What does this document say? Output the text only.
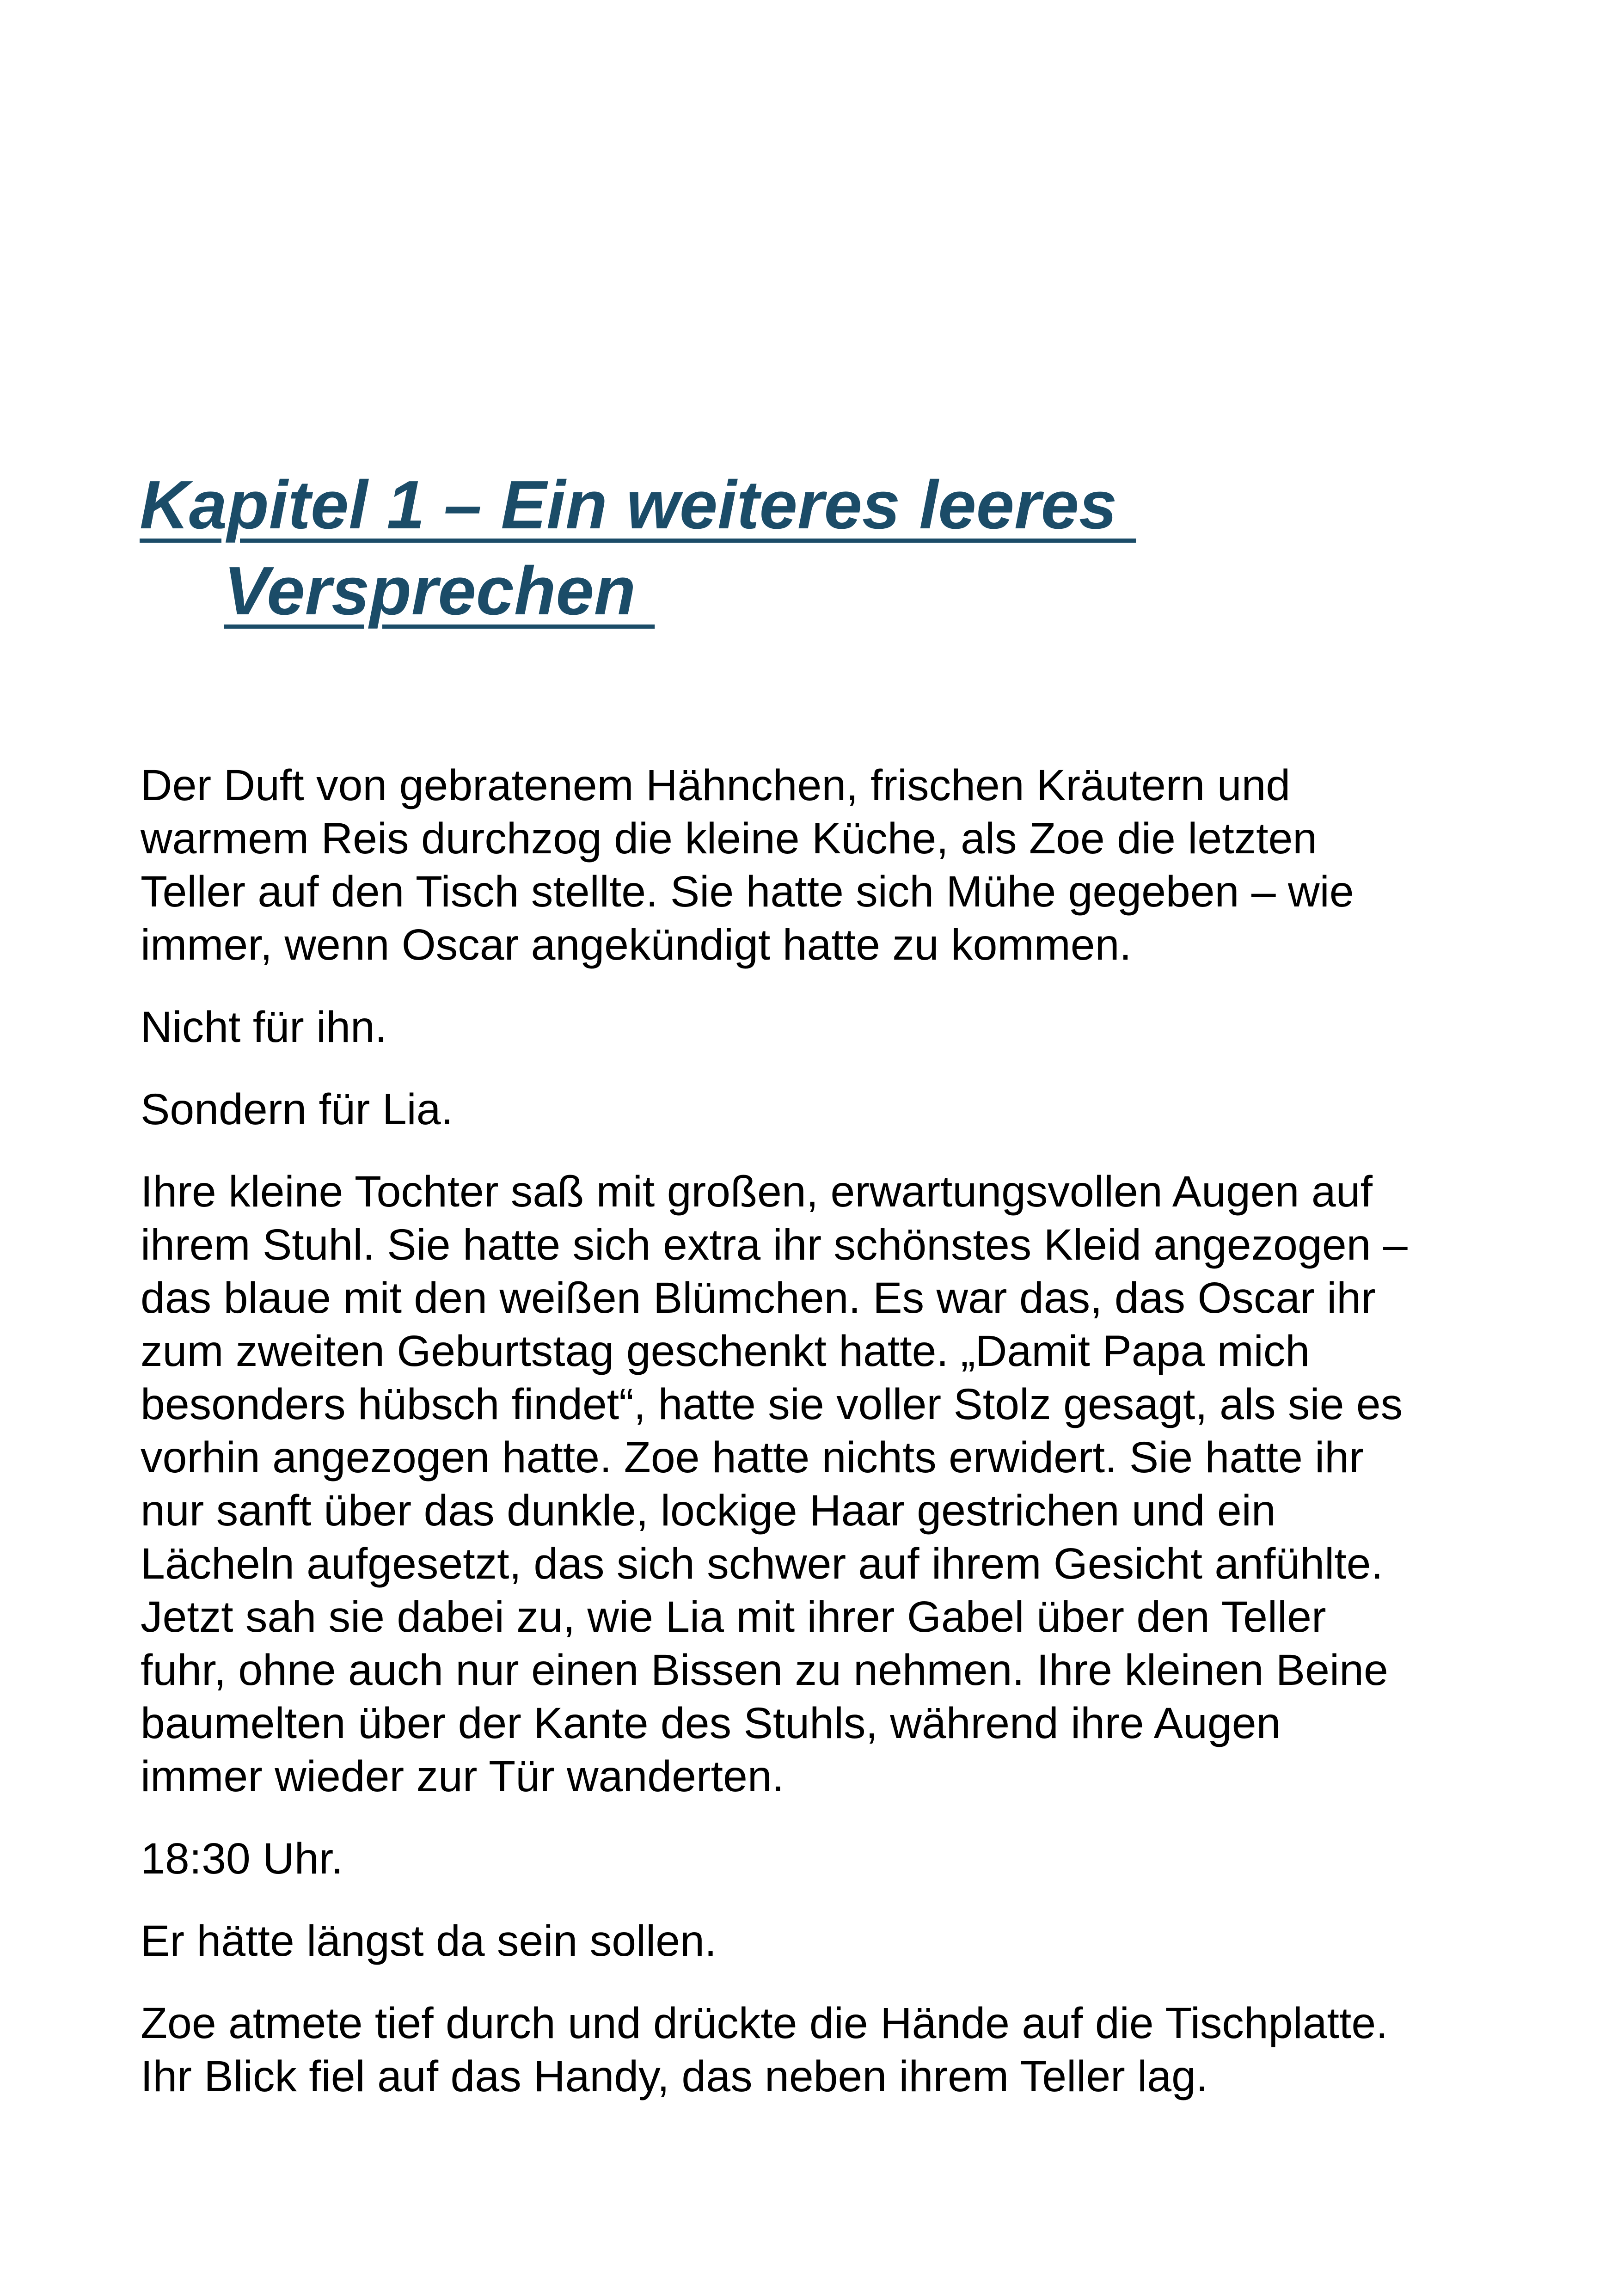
Kapitel 1 – Ein weiteres leeres

Versprechen

Der Duft von gebratenem Hähnchen, frischen Kräutern und
warmem Reis durchzog die kleine Küche, als Zoe die letzten
Teller auf den Tisch stellte. Sie hatte sich Mühe gegeben – wie
immer, wenn Oscar angekündigt hatte zu kommen.

Nicht für ihn.

Sondern für Lia.

Ihre kleine Tochter saß mit großen, erwartungsvollen Augen auf
ihrem Stuhl. Sie hatte sich extra ihr schönstes Kleid angezogen –
das blaue mit den weißen Blümchen. Es war das, das Oscar ihr
zum zweiten Geburtstag geschenkt hatte. „Damit Papa mich
besonders hübsch findet“, hatte sie voller Stolz gesagt, als sie es
vorhin angezogen hatte. Zoe hatte nichts erwidert. Sie hatte ihr
nur sanft über das dunkle, lockige Haar gestrichen und ein
Lächeln aufgesetzt, das sich schwer auf ihrem Gesicht anfühlte.
Jetzt sah sie dabei zu, wie Lia mit ihrer Gabel über den Teller
fuhr, ohne auch nur einen Bissen zu nehmen. Ihre kleinen Beine
baumelten über der Kante des Stuhls, während ihre Augen
immer wieder zur Tür wanderten.

18:30 Uhr.

Er hätte längst da sein sollen.

Zoe atmete tief durch und drückte die Hände auf die Tischplatte.
Ihr Blick fiel auf das Handy, das neben ihrem Teller lag.
